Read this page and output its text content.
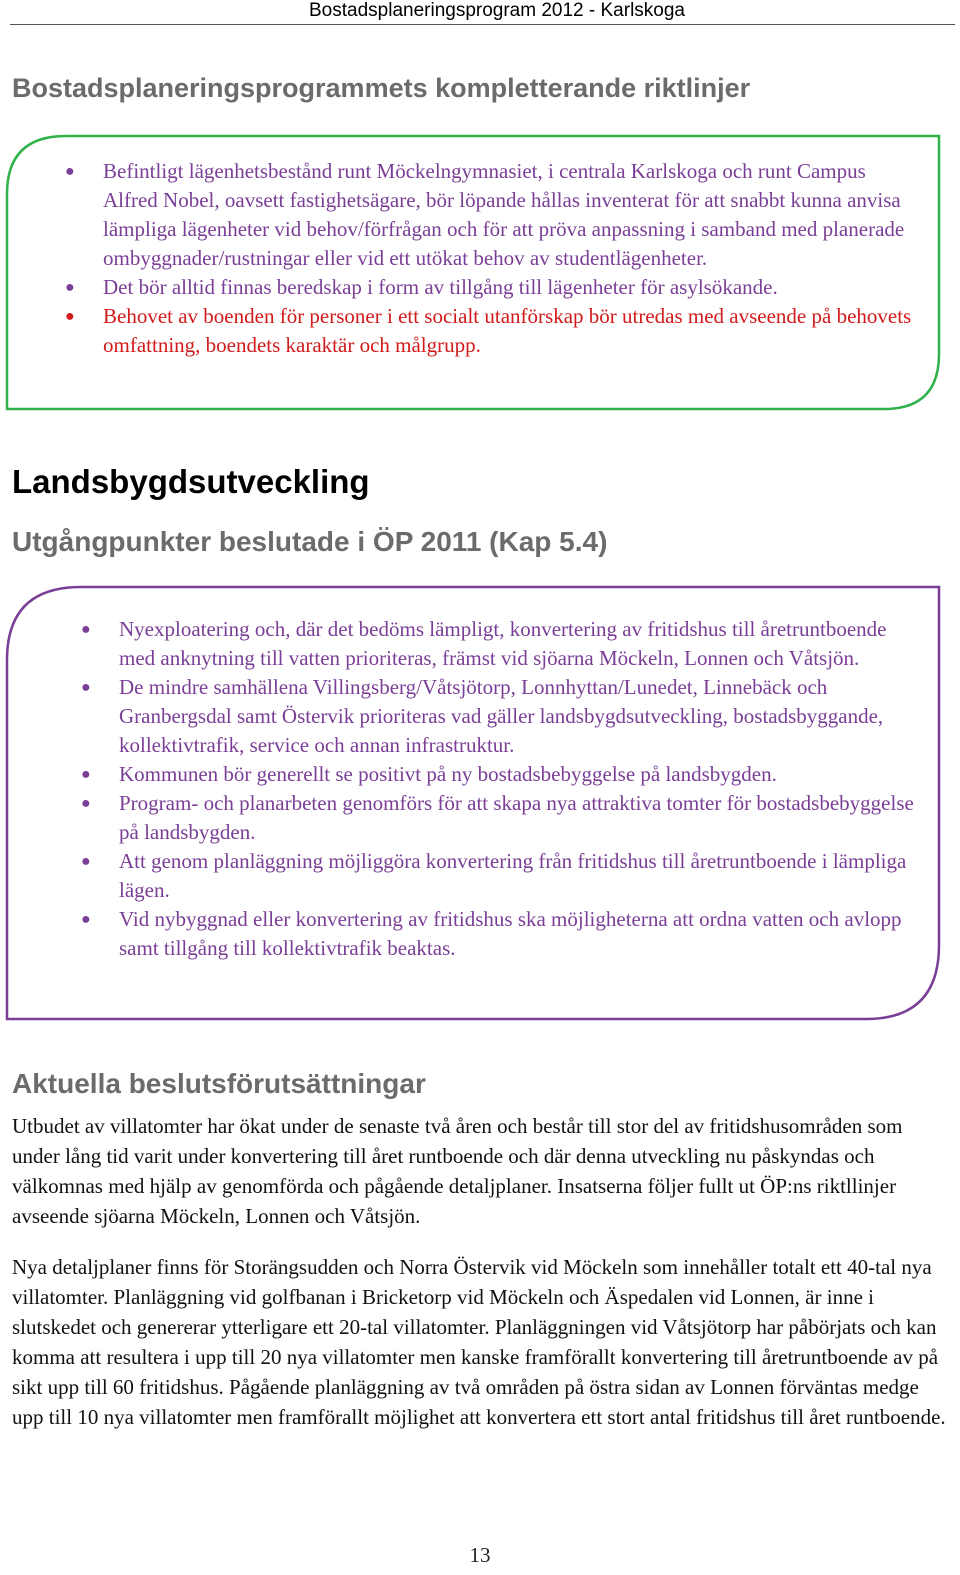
Bostadsplaneringsprogram 2012 - Karlskoga
Bostadsplaneringsprogrammets kompletterande riktlinjer
● Befintligt lägenhetsbestånd runt Möckelngymnasiet, i centrala Karlskoga och runt Campus Alfred Nobel, oavsett fastighetsägare, bör löpande hållas inventerat för att snabbt kunna anvisa lämpliga lägenheter vid behov/förfrågan och för att pröva anpassning i samband med planerade ombyggnader/rustningar eller vid ett utökat behov av studentlägenheter.
● Det bör alltid finnas beredskap i form av tillgång till lägenheter för asylsökande.
● Behovet av boenden för personer i ett socialt utanförskap bör utredas med avseende på behovets omfattning, boendets karaktär och målgrupp.
Landsbygdsutveckling
Utgångpunkter beslutade i ÖP 2011 (Kap 5.4)
● Nyexploatering och, där det bedöms lämpligt, konvertering av fritidshus till åretruntboende med anknytning till vatten prioriteras, främst vid sjöarna Möckeln, Lonnen och Våtsjön.
● De mindre samhällena Villingsberg/Våtsjötorp, Lonnhyttan/Lunedet, Linnebäck och Granbergsdal samt Östervik prioriteras vad gäller landsbygdsutveckling, bostadsbyggande, kollektivtrafik, service och annan infrastruktur.
● Kommunen bör generellt se positivt på ny bostadsbebyggelse på landsbygden.
● Program- och planarbeten genomförs för att skapa nya attraktiva tomter för bostadsbebyggelse på landsbygden.
● Att genom planläggning möjliggöra konvertering från fritidshus till åretruntboende i lämpliga lägen.
● Vid nybyggnad eller konvertering av fritidshus ska möjligheterna att ordna vatten och avlopp samt tillgång till kollektivtrafik beaktas.
Aktuella beslutsförutsättningar

Utbudet av villatomter har ökat under de senaste två åren och består till stor del av fritidshusområden som under lång tid varit under konvertering till året runtboende och där denna utveckling nu påskyndas och välkomnas med hjälp av genomförda och pågående detaljplaner. Insatserna följer fullt ut ÖP:ns riktllinjer avseende sjöarna Möckeln, Lonnen och Våtsjön.

Nya detaljplaner finns för Storängsudden och Norra Östervik vid Möckeln som innehåller totalt ett 40-tal nya villatomter. Planläggning vid golfbanan i Bricketorp vid Möckeln och Äspedalen vid Lonnen, är inne i slutskedet och genererar ytterligare ett 20-tal villatomter. Planläggningen vid Våtsjötorp har påbörjats och kan komma att resultera i upp till 20 nya villatomter men kanske framförallt konvertering till åretruntboende av på sikt upp till 60 fritidshus. Pågående planläggning av två områden på östra sidan av Lonnen förväntas medge upp till 10 nya villatomter men framförallt möjlighet att konvertera ett stort antal fritidshus till året runtboende.

13
